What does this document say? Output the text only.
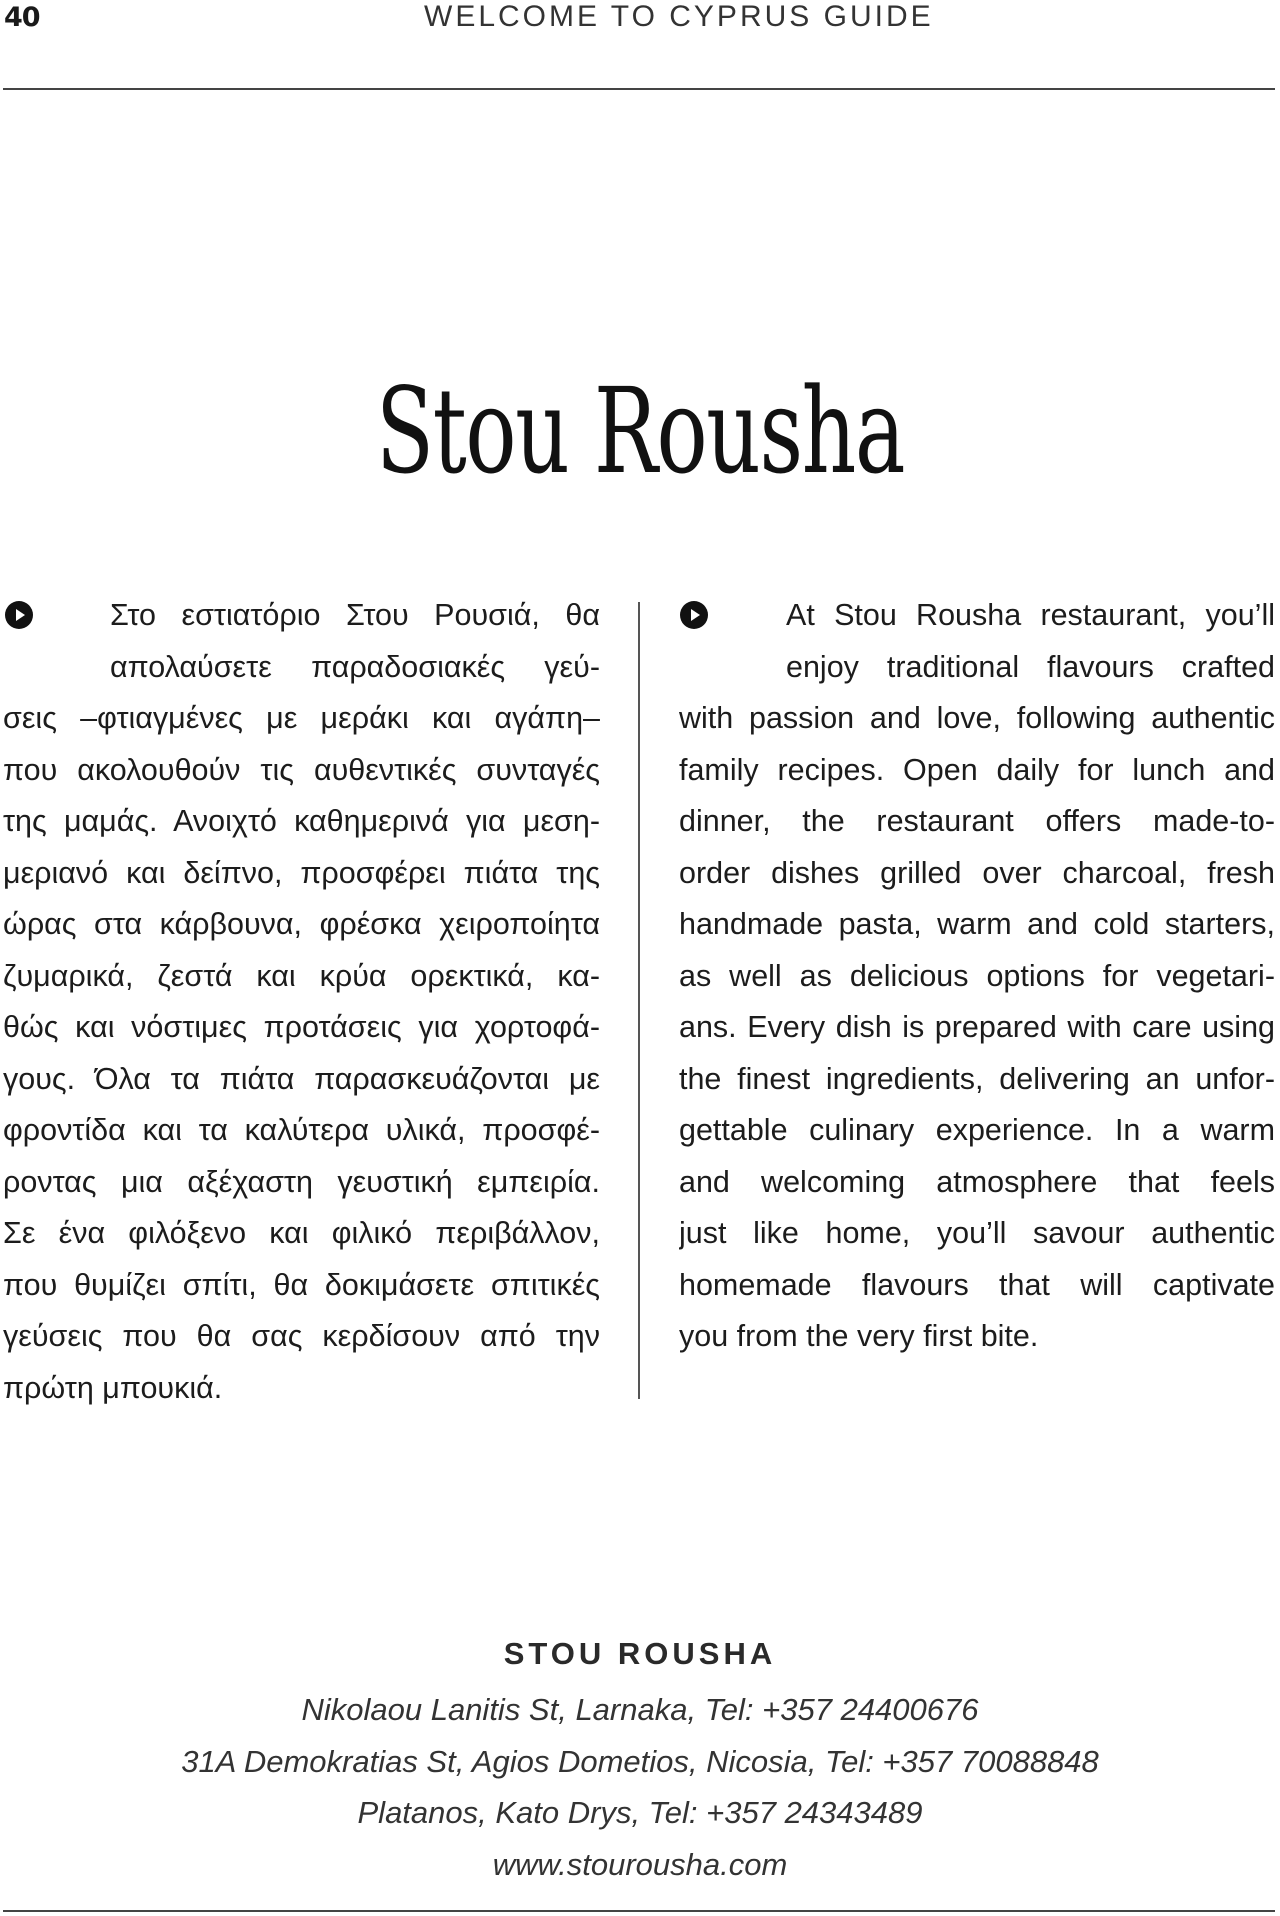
40	WELCOME TO CYPRUS GUIDE
Stou Rousha
Στο εστιατόριο Στου Ρουσιά, θα
απολαύσετε παραδοσιακές γεύ-
σεις –φτιαγμένες με μεράκι και αγάπη–
που ακολουθούν τις αυθεντικές συνταγές
της μαμάς. Ανοιχτό καθημερινά για μεση-
μεριανό και δείπνο, προσφέρει πιάτα της
ώρας στα κάρβουνα, φρέσκα χειροποίητα
ζυμαρικά, ζεστά και κρύα ορεκτικά, κα-
θώς και νόστιμες προτάσεις για χορτοφά-
γους. Όλα τα πιάτα παρασκευάζονται με
φροντίδα και τα καλύτερα υλικά, προσφέ-
ροντας μια αξέχαστη γευστική εμπειρία.
Σε ένα φιλόξενο και φιλικό περιβάλλον,
που θυμίζει σπίτι, θα δοκιμάσετε σπιτικές
γεύσεις που θα σας κερδίσουν από την
πρώτη μπουκιά.
At Stou Rousha restaurant, you’ll
enjoy traditional flavours crafted
with passion and love, following authentic
family recipes. Open daily for lunch and
dinner, the restaurant offers made-to-
order dishes grilled over charcoal, fresh
handmade pasta, warm and cold starters,
as well as delicious options for vegetari-
ans. Every dish is prepared with care using
the finest ingredients, delivering an unfor-
gettable culinary experience. In a warm
and welcoming atmosphere that feels
just like home, you’ll savour authentic
homemade flavours that will captivate
you from the very first bite.
STOU ROUSHA
Nikolaou Lanitis St, Larnaka, Tel: +357 24400676
31A Demokratias St, Agios Dometios, Nicosia, Tel: +357 70088848
Platanos, Kato Drys, Tel: +357 24343489
www.stourousha.com
